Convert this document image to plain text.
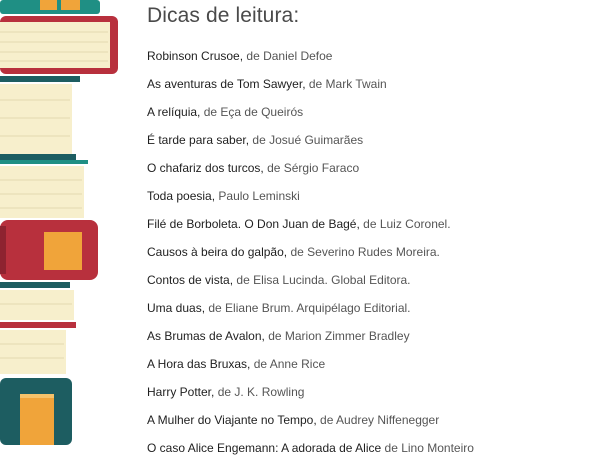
Dicas de leitura:
Robinson Crusoe, de Daniel Defoe
As aventuras de Tom Sawyer, de Mark Twain
A relíquia, de Eça de Queirós
É tarde para saber, de Josué Guimarães
O chafariz dos turcos, de Sérgio Faraco
Toda poesia, Paulo Leminski
Filé de Borboleta. O Don Juan de Bagé, de Luiz Coronel.
Causos à beira do galpão, de Severino Rudes Moreira.
Contos de vista, de Elisa Lucinda. Global Editora.
Uma duas, de Eliane Brum. Arquipélago Editorial.
As Brumas de Avalon, de Marion Zimmer Bradley
A Hora das Bruxas, de Anne Rice
Harry Potter, de J. K. Rowling
A Mulher do Viajante no Tempo, de Audrey Niffenegger
O caso Alice Engemann: A adorada de Alice de Lino Monteiro
